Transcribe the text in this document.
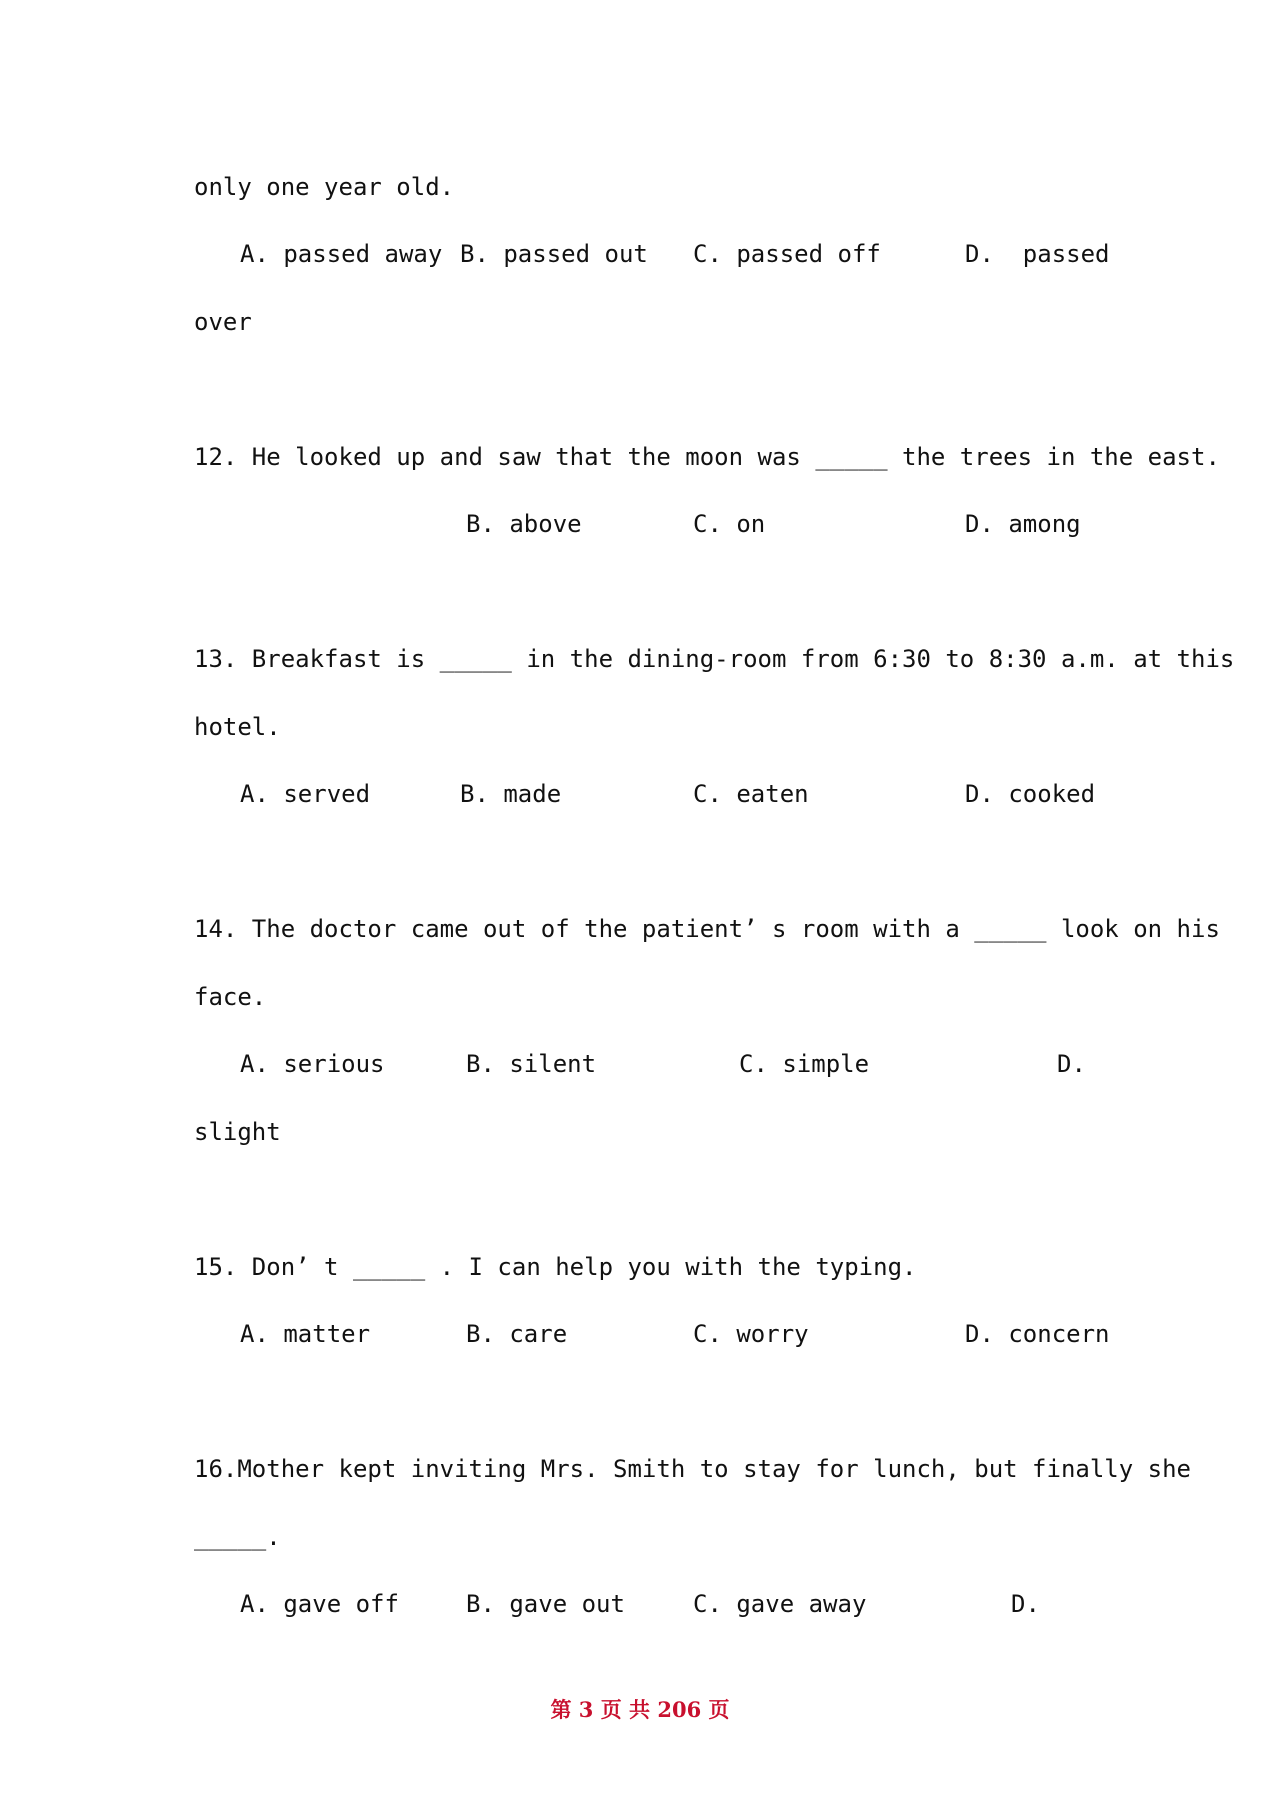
only one year old.
A. passed away B. passed out C. passed off	D.  passed
over
12. He looked up and saw that the moon was _____ the trees in the east.
B. above	C. on	D. among
13. Breakfast is _____ in the dining-room from 6:30 to 8:30 a.m. at this
hotel.
A. served	B. made	C. eaten	D. cooked
14. The doctor came out of the patient’ s room with a _____ look on his
face.
A. serious	B. silent	C. simple	D.
slight
15. Don’ t _____ . I can help you with the typing.
A. matter	B. care	C. worry	D. concern
16.Mother kept inviting Mrs. Smith to stay for lunch, but finally she
_____.
A. gave off	B. gave out	C. gave away	D.
第 3 页 共 206 页
